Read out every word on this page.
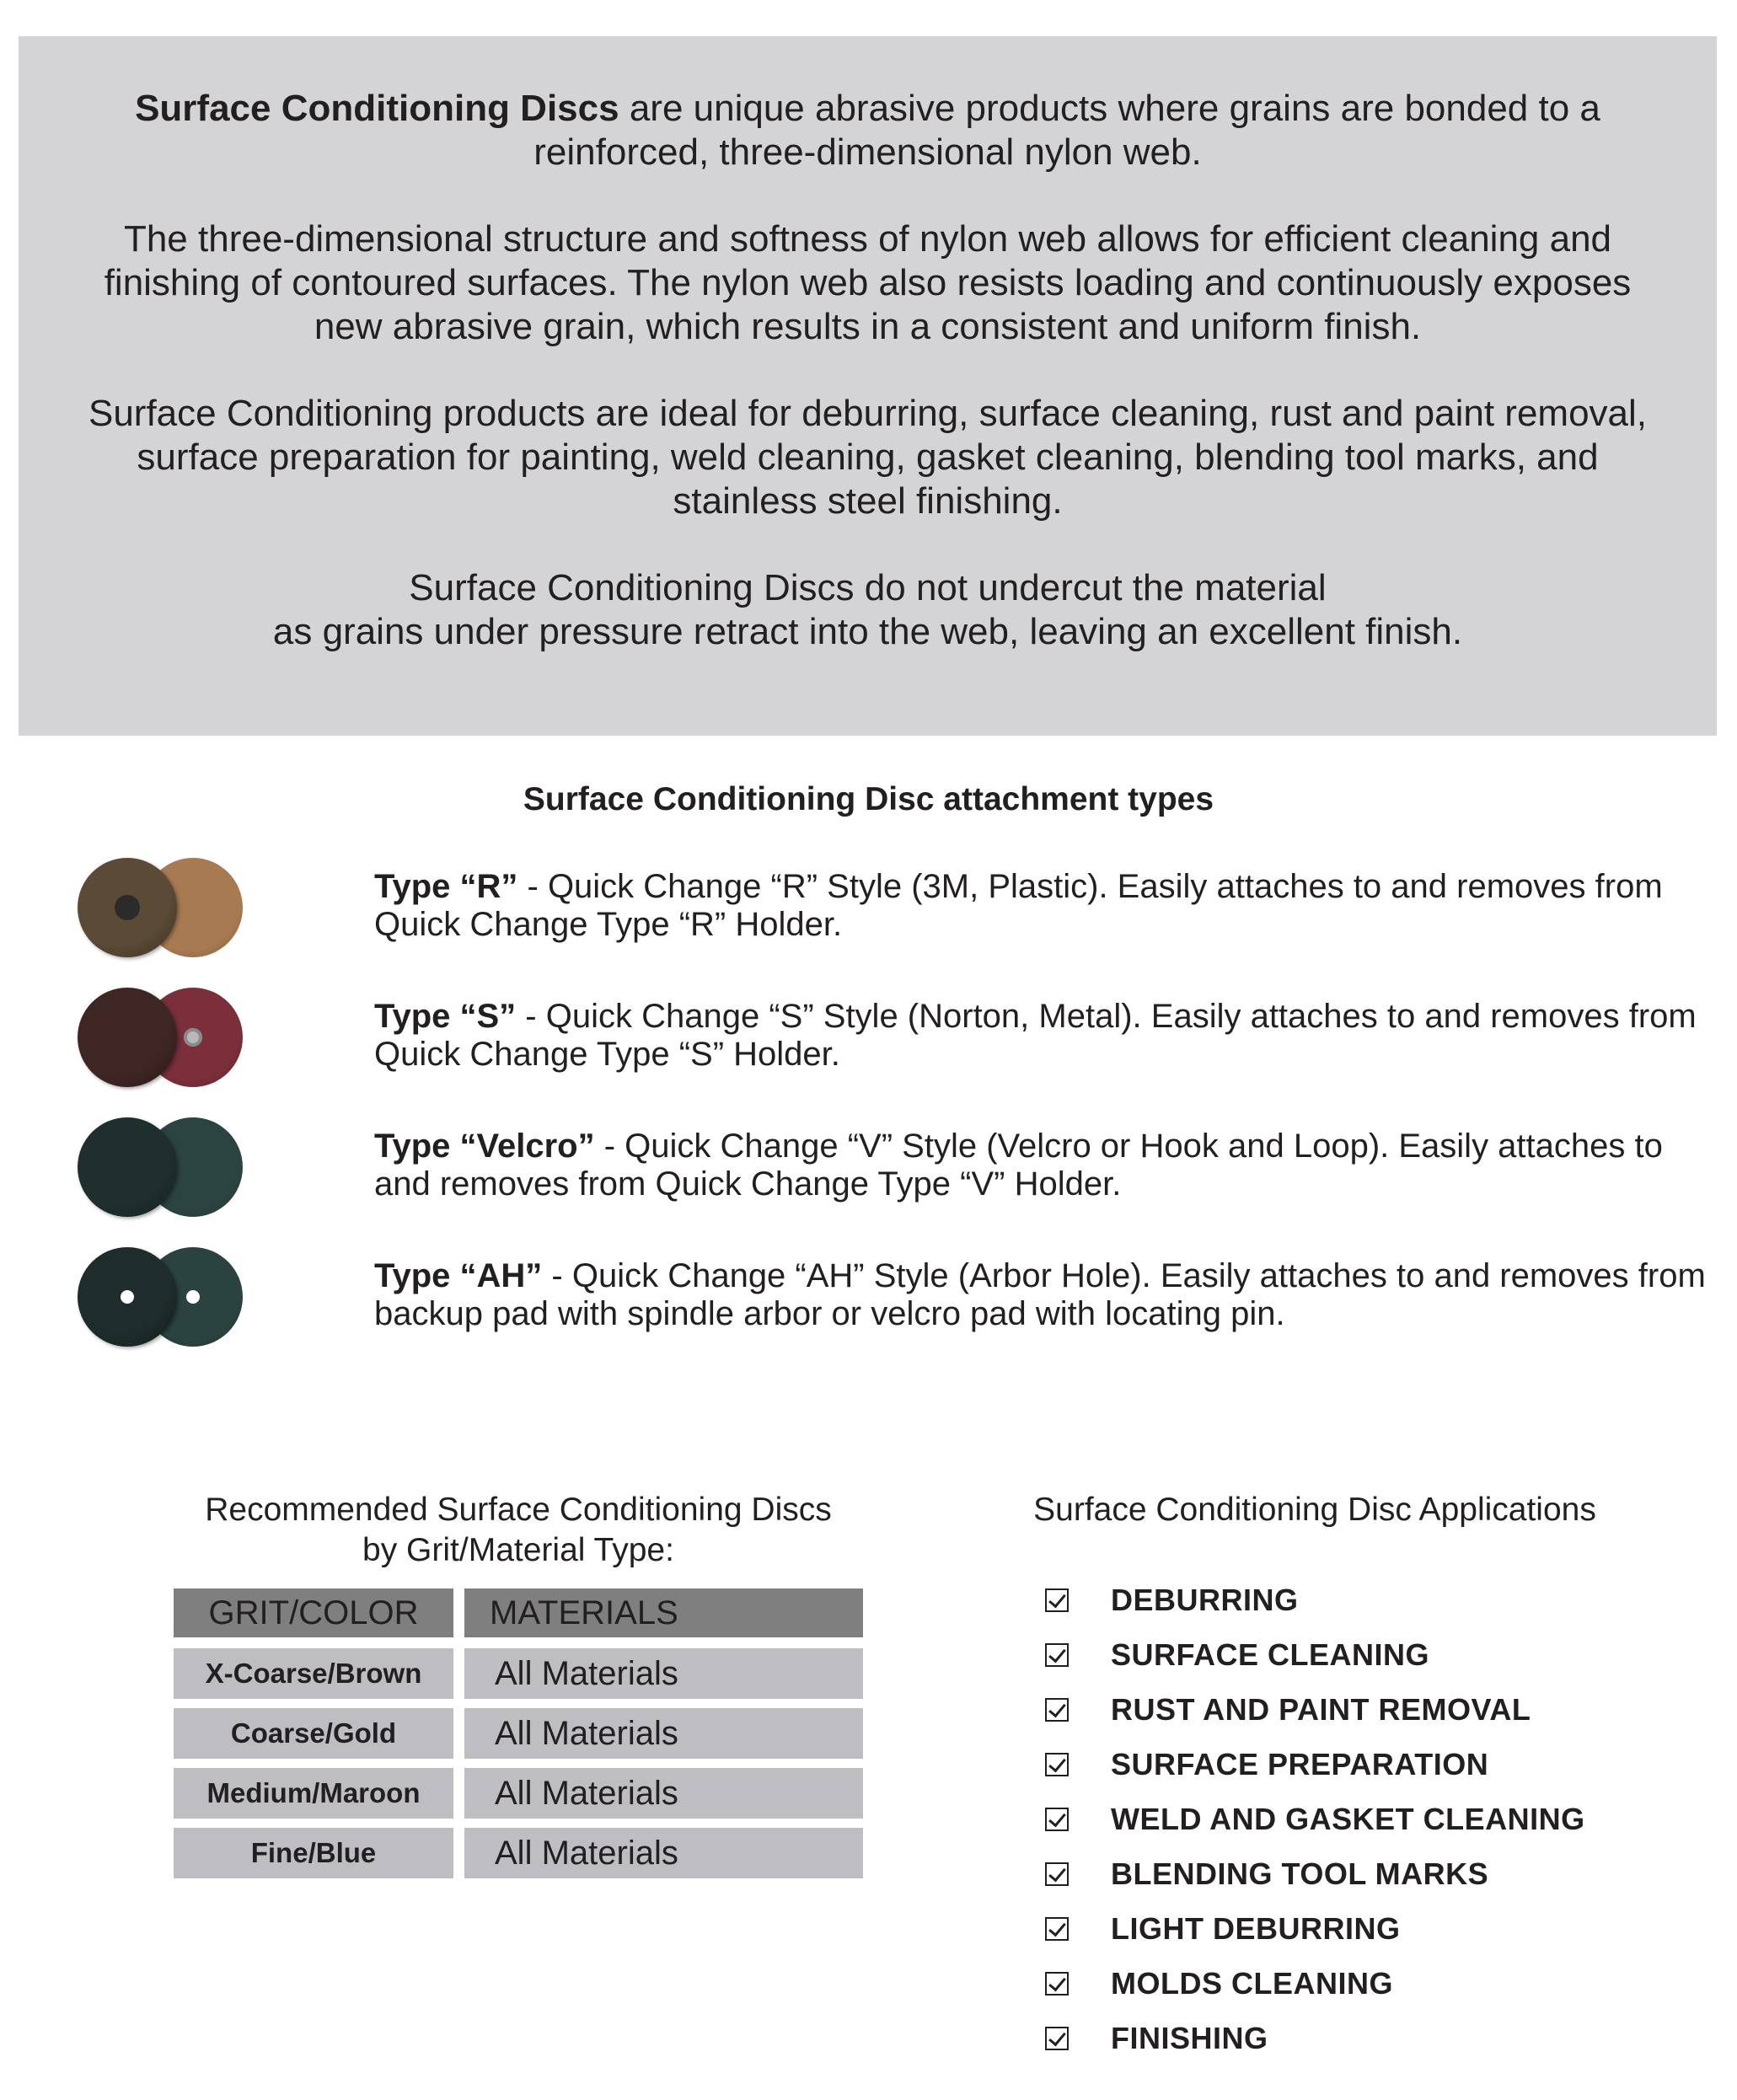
Surface Conditioning Discs are unique abrasive products where grains are bonded to a reinforced, three-dimensional nylon web.

The three-dimensional structure and softness of nylon web allows for efficient cleaning and finishing of contoured surfaces. The nylon web also resists loading and continuously exposes new abrasive grain, which results in a consistent and uniform finish.

Surface Conditioning products are ideal for deburring, surface cleaning, rust and paint removal, surface preparation for painting, weld cleaning, gasket cleaning, blending tool marks, and stainless steel finishing.

Surface Conditioning Discs do not undercut the material
as grains under pressure retract into the web, leaving an excellent finish.

Surface Conditioning Disc attachment types
Type “R” - Quick Change “R” Style (3M, Plastic). Easily attaches to and removes from Quick Change Type “R” Holder.
Type “S” - Quick Change “S” Style (Norton, Metal). Easily attaches to and removes from Quick Change Type “S” Holder.
Type “Velcro” - Quick Change “V” Style (Velcro or Hook and Loop). Easily attaches to and removes from Quick Change Type “V” Holder.
Type “AH” - Quick Change “AH” Style (Arbor Hole). Easily attaches to and removes from backup pad with spindle arbor or velcro pad with locating pin.
Recommended Surface Conditioning Discs
by Grit/Material Type:
GRIT/COLOR	MATERIALS
X-Coarse/Brown	All Materials
Coarse/Gold	All Materials
Medium/Maroon	All Materials
Fine/Blue	All Materials
Surface Conditioning Disc Applications
DEBURRING
SURFACE CLEANING
RUST AND PAINT REMOVAL
SURFACE PREPARATION
WELD AND GASKET CLEANING
BLENDING TOOL MARKS
LIGHT DEBURRING
MOLDS CLEANING
FINISHING
